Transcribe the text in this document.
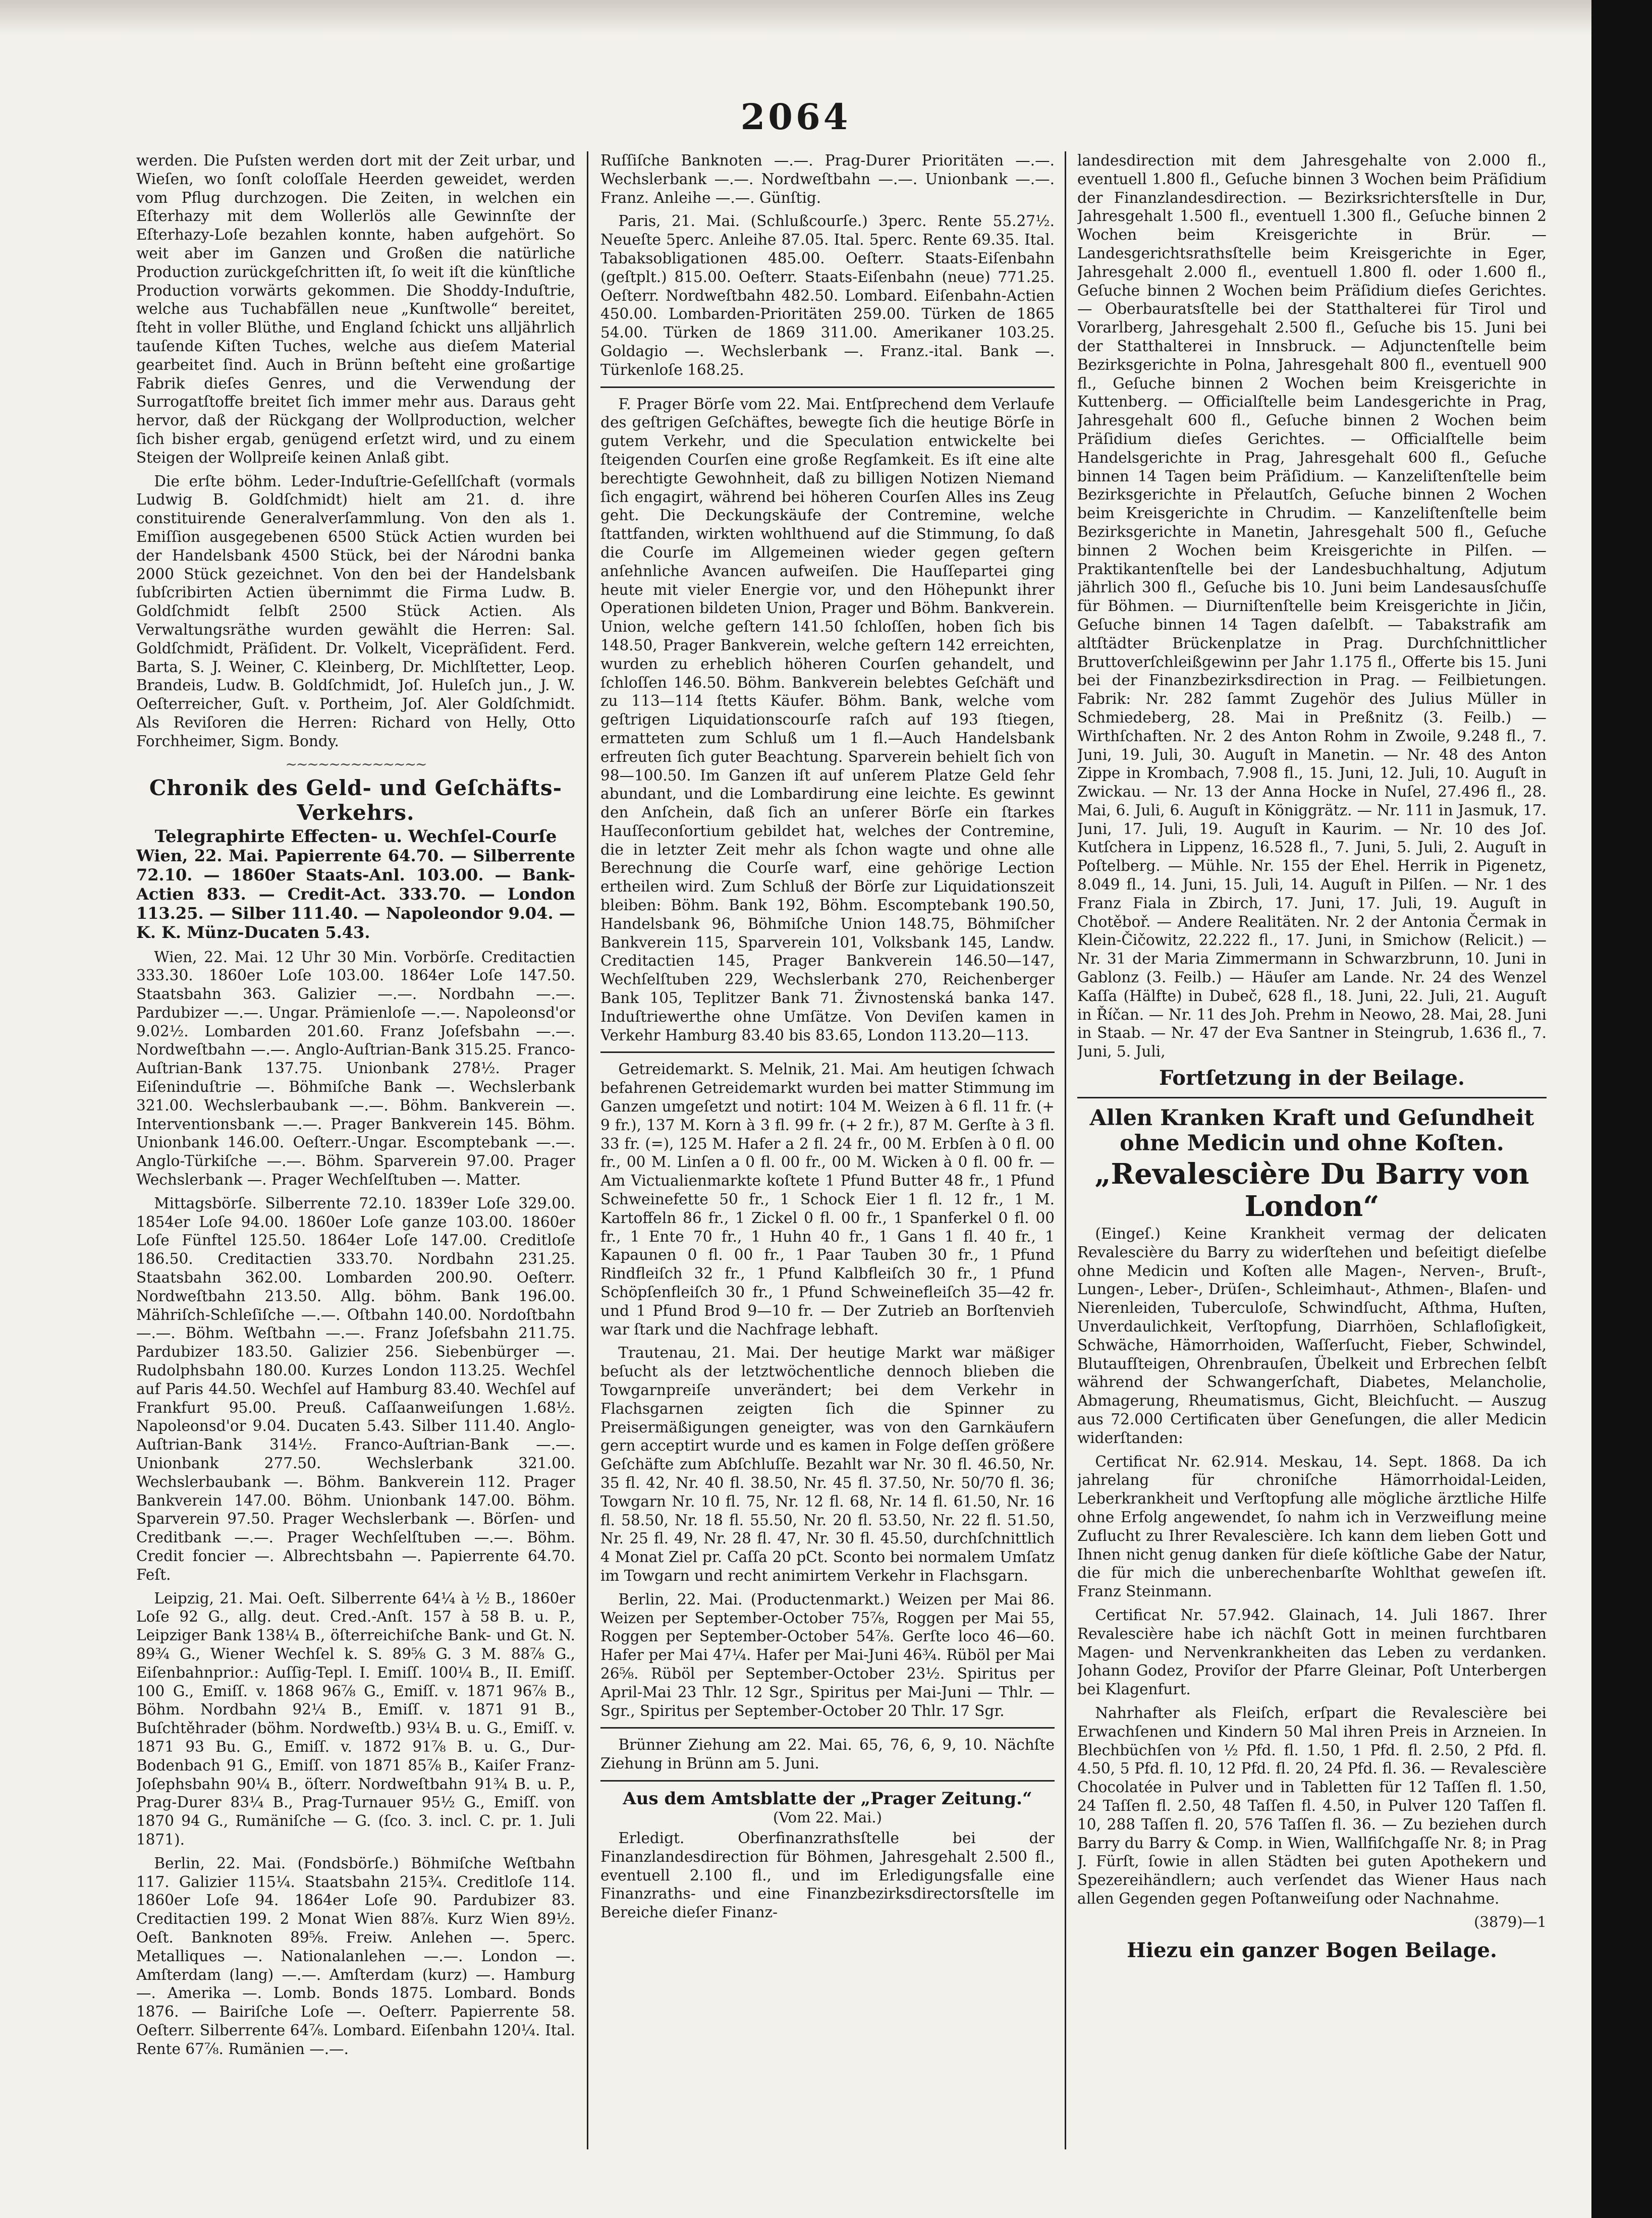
2064

werden. Die Puſsten werden dort mit der Zeit urbar, und Wieſen, wo ſonſt coloſſale Heerden geweidet, werden vom Pflug durchzogen. Die Zeiten, in welchen ein Eſterhazy mit dem Wollerlös alle Gewinnſte der Eſterhazy-Loſe bezahlen konnte, haben aufgehört. So weit aber im Ganzen und Großen die natürliche Production zurückgeſchritten iſt, ſo weit iſt die künſtliche Production vorwärts gekommen. Die Shoddy-Induſtrie, welche aus Tuchabfällen neue „Kunſtwolle“ bereitet, ſteht in voller Blüthe, und England ſchickt uns alljährlich tauſende Kiſten Tuches, welche aus dieſem Material gearbeitet ſind. Auch in Brünn beſteht eine großartige Fabrik dieſes Genres, und die Verwendung der Surrogatſtoffe breitet ſich immer mehr aus. Daraus geht hervor, daß der Rückgang der Wollproduction, welcher ſich bisher ergab, genügend erſetzt wird, und zu einem Steigen der Wollpreiſe keinen Anlaß gibt.

Die erſte böhm. Leder-Induſtrie-Geſellſchaft (vormals Ludwig B. Goldſchmidt) hielt am 21. d. ihre constituirende Generalverſammlung. Von den als 1. Emiſſion ausgegebenen 6500 Stück Actien wurden bei der Handelsbank 4500 Stück, bei der Národni banka 2000 Stück gezeichnet. Von den bei der Handelsbank ſubſcribirten Actien übernimmt die Firma Ludw. B. Goldſchmidt ſelbſt 2500 Stück Actien. Als Verwaltungsräthe wurden gewählt die Herren: Sal. Goldſchmidt, Präſident. Dr. Volkelt, Vicepräſident. Ferd. Barta, S. J. Weiner, C. Kleinberg, Dr. Michlſtetter, Leop. Brandeis, Ludw. B. Goldſchmidt, Joſ. Huleſch jun., J. W. Oeſterreicher, Guſt. v. Portheim, Joſ. Aler Goldſchmidt. Als Reviſoren die Herren: Richard von Helly, Otto Forchheimer, Sigm. Bondy.

~~~~~~~~~~~~~
Chronik des Geld- und Geſchäfts-Verkehrs.
Telegraphirte Effecten- u. Wechſel-Courſe
Wien, 22. Mai. Papierrente 64.70. — Silberrente 72.10. — 1860er Staats-Anl. 103.00. — Bank-Actien 833. — Credit-Act. 333.70. — London 113.25. — Silber 111.40. — Napoleondor 9.04. — K. K. Münz-Ducaten 5.43.

Wien, 22. Mai. 12 Uhr 30 Min. Vorbörſe. Creditactien 333.30. 1860er Loſe 103.00. 1864er Loſe 147.50. Staatsbahn 363. Galizier —.—. Nordbahn —.—. Pardubizer —.—. Ungar. Prämienloſe —.—. Napoleonsd'or 9.02½. Lombarden 201.60. Franz Joſefsbahn —.—. Nordweſtbahn —.—. Anglo-Auſtrian-Bank 315.25. Franco-Auſtrian-Bank 137.75. Unionbank 278½. Prager Eiſeninduſtrie —. Böhmiſche Bank —. Wechslerbank 321.00. Wechslerbaubank —.—. Böhm. Bankverein —. Interventionsbank —.—. Prager Bankverein 145. Böhm. Unionbank 146.00. Oeſterr.-Ungar. Escomptebank —.—. Anglo-Türkiſche —.—. Böhm. Sparverein 97.00. Prager Wechslerbank —. Prager Wechſelſtuben —. Matter.

Mittagsbörſe. Silberrente 72.10. 1839er Loſe 329.00. 1854er Loſe 94.00. 1860er Loſe ganze 103.00. 1860er Loſe Fünftel 125.50. 1864er Loſe 147.00. Creditloſe 186.50. Creditactien 333.70. Nordbahn 231.25. Staatsbahn 362.00. Lombarden 200.90. Oeſterr. Nordweſtbahn 213.50. Allg. böhm. Bank 196.00. Mähriſch-Schleſiſche —.—. Oſtbahn 140.00. Nordoſtbahn —.—. Böhm. Weſtbahn —.—. Franz Joſefsbahn 211.75. Pardubizer 183.50. Galizier 256. Siebenbürger —. Rudolphsbahn 180.00. Kurzes London 113.25. Wechſel auf Paris 44.50. Wechſel auf Hamburg 83.40. Wechſel auf Frankfurt 95.00. Preuß. Caſſaanweiſungen 1.68½. Napoleonsd'or 9.04. Ducaten 5.43. Silber 111.40. Anglo-Auſtrian-Bank 314½. Franco-Auſtrian-Bank —.—. Unionbank 277.50. Wechslerbank 321.00. Wechslerbaubank —. Böhm. Bankverein 112. Prager Bankverein 147.00. Böhm. Unionbank 147.00. Böhm. Sparverein 97.50. Prager Wechslerbank —. Börſen- und Creditbank —.—. Prager Wechſelſtuben —.—. Böhm. Credit foncier —. Albrechtsbahn —. Papierrente 64.70. Feſt.

Leipzig, 21. Mai. Oeſt. Silberrente 64¼ à ½ B., 1860er Loſe 92 G., allg. deut. Cred.-Anſt. 157 à 58 B. u. P., Leipziger Bank 138¼ B., öſterreichiſche Bank- und Gt. N. 89¾ G., Wiener Wechſel k. S. 89⅝ G. 3 M. 88⅞ G., Eiſenbahnprior.: Auſſig-Tepl. I. Emiſſ. 100¼ B., II. Emiſſ. 100 G., Emiſſ. v. 1868 96⅞ G., Emiſſ. v. 1871 96⅞ B., Böhm. Nordbahn 92¼ B., Emiſſ. v. 1871 91 B., Buſchtěhrader (böhm. Nordweſtb.) 93¼ B. u. G., Emiſſ. v. 1871 93 Bu. G., Emiſſ. v. 1872 91⅞ B. u. G., Dur-Bodenbach 91 G., Emiſſ. von 1871 85⅞ B., Kaiſer Franz-Joſephsbahn 90¼ B., öſterr. Nordweſtbahn 91¾ B. u. P., Prag-Durer 83¼ B., Prag-Turnauer 95½ G., Emiſſ. von 1870 94 G., Rumäniſche — G. (ſco. 3. incl. C. pr. 1. Juli 1871).

Berlin, 22. Mai. (Fondsbörſe.) Böhmiſche Weſtbahn 117. Galizier 115¼. Staatsbahn 215¾. Creditloſe 114. 1860er Loſe 94. 1864er Loſe 90. Pardubizer 83. Creditactien 199. 2 Monat Wien 88⅞. Kurz Wien 89½. Oeſt. Banknoten 89⅝. Freiw. Anlehen —. 5perc. Metalliques —. Nationalanlehen —.—. London —. Amſterdam (lang) —.—. Amſterdam (kurz) —. Hamburg —. Amerika —. Lomb. Bonds 1875. Lombard. Bonds 1876. — Bairiſche Loſe —. Oeſterr. Papierrente 58. Oeſterr. Silberrente 64⅞. Lombard. Eiſenbahn 120¼. Ital. Rente 67⅞. Rumänien —.—.

Ruſſiſche Banknoten —.—. Prag-Durer Prioritäten —.—. Wechslerbank —.—. Nordweſtbahn —.—. Unionbank —.—. Franz. Anleihe —.—. Günſtig.

Paris, 21. Mai. (Schlußcourſe.) 3perc. Rente 55.27½. Neueſte 5perc. Anleihe 87.05. Ital. 5perc. Rente 69.35. Ital. Tabaksobligationen 485.00. Oeſterr. Staats-Eiſenbahn (geſtplt.) 815.00. Oeſterr. Staats-Eiſenbahn (neue) 771.25. Oeſterr. Nordweſtbahn 482.50. Lombard. Eiſenbahn-Actien 450.00. Lombarden-Prioritäten 259.00. Türken de 1865 54.00. Türken de 1869 311.00. Amerikaner 103.25. Goldagio —. Wechslerbank —. Franz.-ital. Bank —. Türkenloſe 168.25.

F. Prager Börſe vom 22. Mai. Entſprechend dem Verlaufe des geſtrigen Geſchäftes, bewegte ſich die heutige Börſe in gutem Verkehr, und die Speculation entwickelte bei ſteigenden Courſen eine große Regſamkeit. Es iſt eine alte berechtigte Gewohnheit, daß zu billigen Notizen Niemand ſich engagirt, während bei höheren Courſen Alles ins Zeug geht. Die Deckungskäufe der Contremine, welche ſtattfanden, wirkten wohlthuend auf die Stimmung, ſo daß die Courſe im Allgemeinen wieder gegen geſtern anſehnliche Avancen aufweiſen. Die Hauſſepartei ging heute mit vieler Energie vor, und den Höhepunkt ihrer Operationen bildeten Union, Prager und Böhm. Bankverein. Union, welche geſtern 141.50 ſchloſſen, hoben ſich bis 148.50, Prager Bankverein, welche geſtern 142 erreichten, wurden zu erheblich höheren Courſen gehandelt, und ſchloſſen 146.50. Böhm. Bankverein belebtes Geſchäft und zu 113—114 ſtetts Käufer. Böhm. Bank, welche vom geſtrigen Liquidationscourſe raſch auf 193 ſtiegen, ermatteten zum Schluß um 1 fl.—Auch Handelsbank erfreuten ſich guter Beachtung. Sparverein behielt ſich von 98—100.50. Im Ganzen iſt auf unſerem Platze Geld ſehr abundant, und die Lombardirung eine leichte. Es gewinnt den Anſchein, daß ſich an unſerer Börſe ein ſtarkes Hauſſeconſortium gebildet hat, welches der Contremine, die in letzter Zeit mehr als ſchon wagte und ohne alle Berechnung die Courſe warf, eine gehörige Lection ertheilen wird. Zum Schluß der Börſe zur Liquidationszeit bleiben: Böhm. Bank 192, Böhm. Escomptebank 190.50, Handelsbank 96, Böhmiſche Union 148.75, Böhmiſcher Bankverein 115, Sparverein 101, Volksbank 145, Landw. Creditactien 145, Prager Bankverein 146.50—147, Wechſelſtuben 229, Wechslerbank 270, Reichenberger Bank 105, Teplitzer Bank 71. Živnostenská banka 147. Induſtriewerthe ohne Umſätze. Von Deviſen kamen in Verkehr Hamburg 83.40 bis 83.65, London 113.20—113.

Getreidemarkt. S. Melnik, 21. Mai. Am heutigen ſchwach befahrenen Getreidemarkt wurden bei matter Stimmung im Ganzen umgeſetzt und notirt: 104 M. Weizen à 6 fl. 11 fr. (+ 9 fr.), 137 M. Korn à 3 fl. 99 fr. (+ 2 fr.), 87 M. Gerſte à 3 fl. 33 fr. (=), 125 M. Hafer a 2 fl. 24 fr., 00 M. Erbſen à 0 fl. 00 fr., 00 M. Linſen a 0 fl. 00 fr., 00 M. Wicken à 0 fl. 00 fr. — Am Victualienmarkte koſtete 1 Pfund Butter 48 fr., 1 Pfund Schweinefette 50 fr., 1 Schock Eier 1 fl. 12 fr., 1 M. Kartoffeln 86 fr., 1 Zickel 0 fl. 00 fr., 1 Spanferkel 0 fl. 00 fr., 1 Ente 70 fr., 1 Huhn 40 fr., 1 Gans 1 fl. 40 fr., 1 Kapaunen 0 fl. 00 fr., 1 Paar Tauben 30 fr., 1 Pfund Rindfleiſch 32 fr., 1 Pfund Kalbfleiſch 30 fr., 1 Pfund Schöpſenfleiſch 30 fr., 1 Pfund Schweinefleiſch 35—42 fr. und 1 Pfund Brod 9—10 fr. — Der Zutrieb an Borſtenvieh war ſtark und die Nachfrage lebhaft.

Trautenau, 21. Mai. Der heutige Markt war mäßiger beſucht als der letztwöchentliche dennoch blieben die Towgarnpreiſe unverändert; bei dem Verkehr in Flachsgarnen zeigten ſich die Spinner zu Preisermäßigungen geneigter, was von den Garnkäufern gern acceptirt wurde und es kamen in Folge deſſen größere Geſchäfte zum Abſchluſſe. Bezahlt war Nr. 30 fl. 46.50, Nr. 35 fl. 42, Nr. 40 fl. 38.50, Nr. 45 fl. 37.50, Nr. 50/70 fl. 36; Towgarn Nr. 10 fl. 75, Nr. 12 fl. 68, Nr. 14 fl. 61.50, Nr. 16 fl. 58.50, Nr. 18 fl. 55.50, Nr. 20 fl. 53.50, Nr. 22 fl. 51.50, Nr. 25 fl. 49, Nr. 28 fl. 47, Nr. 30 fl. 45.50, durchſchnittlich 4 Monat Ziel pr. Caſſa 20 pCt. Sconto bei normalem Umſatz im Towgarn und recht animirtem Verkehr in Flachsgarn.

Berlin, 22. Mai. (Productenmarkt.) Weizen per Mai 86. Weizen per September-October 75⅞, Roggen per Mai 55, Roggen per September-October 54⅞. Gerſte loco 46—60. Hafer per Mai 47¼. Hafer per Mai-Juni 46¾. Rüböl per Mai 26⅝. Rüböl per September-October 23½. Spiritus per April-Mai 23 Thlr. 12 Sgr., Spiritus per Mai-Juni — Thlr. — Sgr., Spiritus per September-October 20 Thlr. 17 Sgr.

Brünner Ziehung am 22. Mai. 65, 76, 6, 9, 10. Nächſte Ziehung in Brünn am 5. Juni.

Aus dem Amtsblatte der „Prager Zeitung.“
(Vom 22. Mai.)

Erledigt. Oberfinanzrathsſtelle bei der Finanzlandesdirection für Böhmen, Jahresgehalt 2.500 fl., eventuell 2.100 fl., und im Erledigungsfalle eine Finanzraths- und eine Finanzbezirksdirectorsſtelle im Bereiche dieſer Finanz-

landesdirection mit dem Jahresgehalte von 2.000 fl., eventuell 1.800 fl., Geſuche binnen 3 Wochen beim Präſidium der Finanzlandesdirection. — Bezirksrichtersſtelle in Dur, Jahresgehalt 1.500 fl., eventuell 1.300 fl., Geſuche binnen 2 Wochen beim Kreisgerichte in Brür. — Landesgerichtsrathsſtelle beim Kreisgerichte in Eger, Jahresgehalt 2.000 fl., eventuell 1.800 fl. oder 1.600 fl., Geſuche binnen 2 Wochen beim Präſidium dieſes Gerichtes. — Oberbauratsſtelle bei der Statthalterei für Tirol und Vorarlberg, Jahresgehalt 2.500 fl., Geſuche bis 15. Juni bei der Statthalterei in Innsbruck. — Adjunctenſtelle beim Bezirksgerichte in Polna, Jahresgehalt 800 fl., eventuell 900 fl., Geſuche binnen 2 Wochen beim Kreisgerichte in Kuttenberg. — Officialſtelle beim Landesgerichte in Prag, Jahresgehalt 600 fl., Geſuche binnen 2 Wochen beim Präſidium dieſes Gerichtes. — Officialſtelle beim Handelsgerichte in Prag, Jahresgehalt 600 fl., Geſuche binnen 14 Tagen beim Präſidium. — Kanzeliſtenſtelle beim Bezirksgerichte in Přelautſch, Geſuche binnen 2 Wochen beim Kreisgerichte in Chrudim. — Kanzeliſtenſtelle beim Bezirksgerichte in Manetin, Jahresgehalt 500 fl., Geſuche binnen 2 Wochen beim Kreisgerichte in Pilſen. — Praktikantenſtelle bei der Landesbuchhaltung, Adjutum jährlich 300 fl., Geſuche bis 10. Juni beim Landesausſchuſſe für Böhmen. — Diurniſtenſtelle beim Kreisgerichte in Jičin, Geſuche binnen 14 Tagen daſelbſt. — Tabakstrafik am altſtädter Brückenplatze in Prag. Durchſchnittlicher Bruttoverſchleißgewinn per Jahr 1.175 fl., Offerte bis 15. Juni bei der Finanzbezirksdirection in Prag. — Feilbietungen. Fabrik: Nr. 282 ſammt Zugehör des Julius Müller in Schmiedeberg, 28. Mai in Preßnitz (3. Feilb.) — Wirthſchaften. Nr. 2 des Anton Rohm in Zwoile, 9.248 fl., 7. Juni, 19. Juli, 30. Auguſt in Manetin. — Nr. 48 des Anton Zippe in Krombach, 7.908 fl., 15. Juni, 12. Juli, 10. Auguſt in Zwickau. — Nr. 13 der Anna Hocke in Nuſel, 27.496 fl., 28. Mai, 6. Juli, 6. Auguſt in Königgrätz. — Nr. 111 in Jasmuk, 17. Juni, 17. Juli, 19. Auguſt in Kaurim. — Nr. 10 des Joſ. Kutſchera in Lippenz, 16.528 fl., 7. Juni, 5. Juli, 2. Auguſt in Poſtelberg. — Mühle. Nr. 155 der Ehel. Herrik in Pigenetz, 8.049 fl., 14. Juni, 15. Juli, 14. Auguſt in Pilſen. — Nr. 1 des Franz Fiala in Zbirch, 17. Juni, 17. Juli, 19. Auguſt in Chotěboř. — Andere Realitäten. Nr. 2 der Antonia Čermak in Klein-Čičowitz, 22.222 fl., 17. Juni, in Smichow (Relicit.) — Nr. 31 der Maria Zimmermann in Schwarzbrunn, 10. Juni in Gablonz (3. Feilb.) — Häuſer am Lande. Nr. 24 des Wenzel Kaſſa (Hälfte) in Dubeč, 628 fl., 18. Juni, 22. Juli, 21. Auguſt in Říčan. — Nr. 11 des Joh. Prehm in Neowo, 28. Mai, 28. Juni in Staab. — Nr. 47 der Eva Santner in Steingrub, 1.636 fl., 7. Juni, 5. Juli,

Fortſetzung in der Beilage.
Allen Kranken Kraft und Geſundheit ohne Medicin und ohne Koſten.
„Revalescière Du Barry von London“

(Eingeſ.) Keine Krankheit vermag der delicaten Revalescière du Barry zu widerſtehen und beſeitigt dieſelbe ohne Medicin und Koſten alle Magen-, Nerven-, Bruſt-, Lungen-, Leber-, Drüſen-, Schleimhaut-, Athmen-, Blaſen- und Nierenleiden, Tuberculoſe, Schwindſucht, Aſthma, Huſten, Unverdaulichkeit, Verſtopfung, Diarrhöen, Schlafloſigkeit, Schwäche, Hämorrhoiden, Waſſerſucht, Fieber, Schwindel, Blutaufſteigen, Ohrenbrauſen, Übelkeit und Erbrechen ſelbſt während der Schwangerſchaft, Diabetes, Melancholie, Abmagerung, Rheumatismus, Gicht, Bleichſucht. — Auszug aus 72.000 Certificaten über Geneſungen, die aller Medicin widerſtanden:

Certificat Nr. 62.914. Meskau, 14. Sept. 1868. Da ich jahrelang für chroniſche Hämorrhoidal-Leiden, Leberkrankheit und Verſtopfung alle mögliche ärztliche Hilfe ohne Erfolg angewendet, ſo nahm ich in Verzweiflung meine Zuflucht zu Ihrer Revalescière. Ich kann dem lieben Gott und Ihnen nicht genug danken für dieſe köſtliche Gabe der Natur, die für mich die unberechenbarſte Wohlthat geweſen iſt. Franz Steinmann.

Certificat Nr. 57.942. Glainach, 14. Juli 1867. Ihrer Revalescière habe ich nächſt Gott in meinen furchtbaren Magen- und Nervenkrankheiten das Leben zu verdanken. Johann Godez, Proviſor der Pfarre Gleinar, Poſt Unterbergen bei Klagenfurt.

Nahrhafter als Fleiſch, erſpart die Revalescière bei Erwachſenen und Kindern 50 Mal ihren Preis in Arzneien. In Blechbüchſen von ½ Pfd. fl. 1.50, 1 Pfd. fl. 2.50, 2 Pfd. fl. 4.50, 5 Pfd. fl. 10, 12 Pfd. fl. 20, 24 Pfd. fl. 36. — Revalescière Chocolatée in Pulver und in Tabletten für 12 Taſſen fl. 1.50, 24 Taſſen fl. 2.50, 48 Taſſen fl. 4.50, in Pulver 120 Taſſen fl. 10, 288 Taſſen fl. 20, 576 Taſſen fl. 36. — Zu beziehen durch Barry du Barry & Comp. in Wien, Wallfiſchgaſſe Nr. 8; in Prag J. Fürſt, ſowie in allen Städten bei guten Apothekern und Spezereihändlern; auch verſendet das Wiener Haus nach allen Gegenden gegen Poſtanweiſung oder Nachnahme.

(3879)—1
Hiezu ein ganzer Bogen Beilage.
